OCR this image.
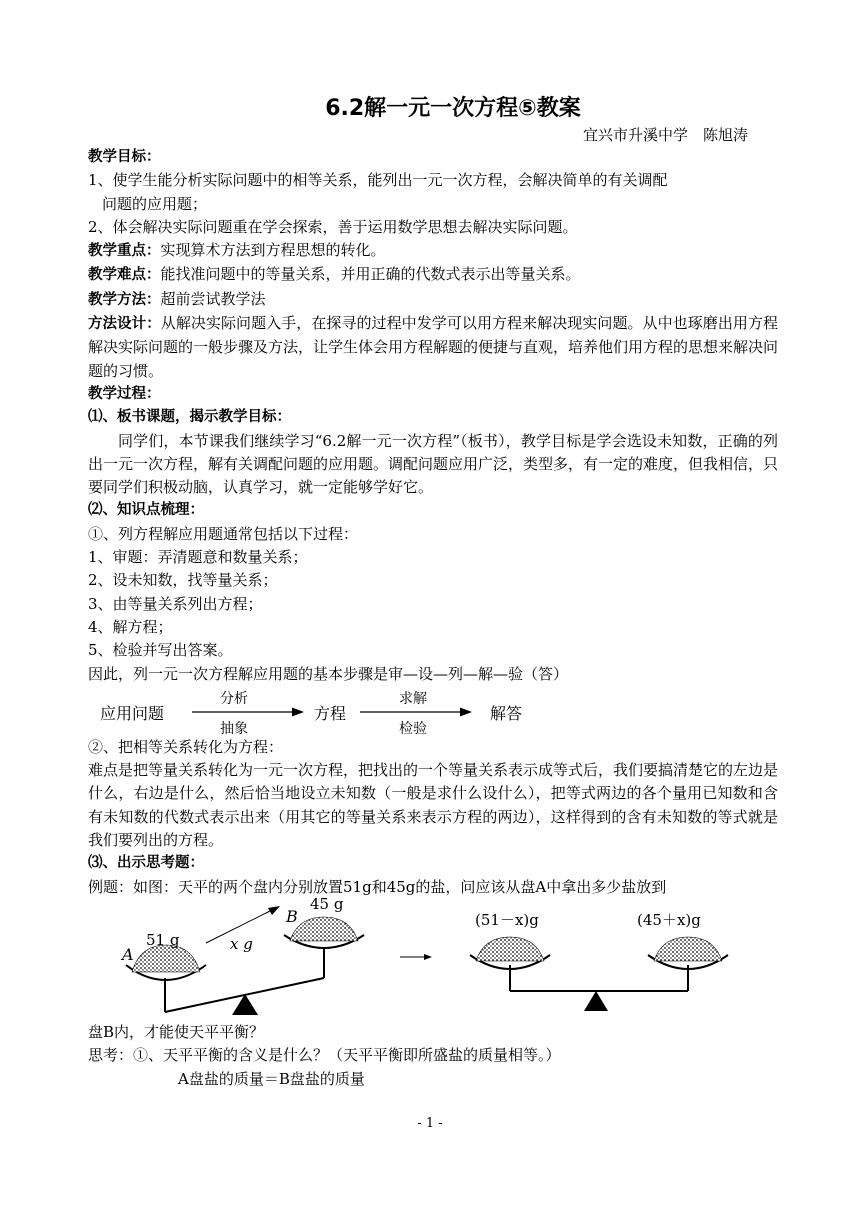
6.2解一元一次方程⑤教案
宜兴市升溪中学　陈旭涛
教学目标：
1、使学生能分析实际问题中的相等关系，能列出一元一次方程，会解决简单的有关调配
问题的应用题；
2、体会解决实际问题重在学会探索，善于运用数学思想去解决实际问题。
教学重点：实现算术方法到方程思想的转化。
教学难点：能找准问题中的等量关系，并用正确的代数式表示出等量关系。
教学方法：超前尝试教学法
方法设计：从解决实际问题入手，在探寻的过程中发学可以用方程来解决现实问题。从中也琢磨出用方程解决实际问题的一般步骤及方法，让学生体会用方程解题的便捷与直观，培养他们用方程的思想来解决问题的习惯。
教学过程：
⑴、板书课题，揭示教学目标：
同学们，本节课我们继续学习“6.2解一元一次方程”（板书），教学目标是学会选设未知数，正确的列出一元一次方程，解有关调配问题的应用题。调配问题应用广泛，类型多，有一定的难度，但我相信，只要同学们积极动脑，认真学习，就一定能够学好它。
⑵、知识点梳理：
①、列方程解应用题通常包括以下过程：
1、审题：弄清题意和数量关系；
2、设未知数，找等量关系；
3、由等量关系列出方程；
4、解方程；
5、检验并写出答案。
因此，列一元一次方程解应用题的基本步骤是审—设—列—解—验（答）
应用问题
分析
抽象
方程
求解
检验
解答
②、把相等关系转化为方程：
难点是把等量关系转化为一元一次方程，把找出的一个等量关系表示成等式后，我们要搞清楚它的左边是什么，右边是什么，然后恰当地设立未知数（一般是求什么设什么），把等式两边的各个量用已知数和含有未知数的代数式表示出来（用其它的等量关系来表示方程的两边），这样得到的含有未知数的等式就是我们要列出的方程。
⑶、出示思考题：
例题：如图：天平的两个盘内分别放置51g和45g的盐，问应该从盘A中拿出多少盐放到
A
51 g
B
45 g
x g
(51－x)g	(45＋x)g
盘B内，才能使天平平衡？
思考：①、天平平衡的含义是什么？（天平平衡即所盛盐的质量相等。）
A盘盐的质量＝B盘盐的质量
- 1 -
